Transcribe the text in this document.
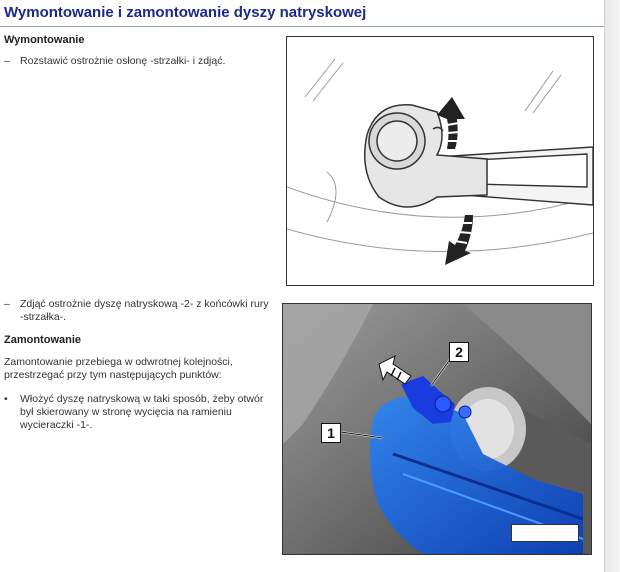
Wymontowanie i zamontowanie dyszy natryskowej
Wymontowanie
– Rozstawić ostrożnie osłonę -strzałki- i zdjąć.
– Zdjąć ostrożnie dyszę natryskową -2- z końcówki rury -strzałka-.
Zamontowanie
Zamontowanie przebiega w odwrotnej kolejności, przestrzegać przy tym następujących punktów:
•	Włożyć dyszę natryskową w taki sposób, żeby otwór był skierowany w stronę wycięcia na ramieniu wycieraczki -1-.
2
1
